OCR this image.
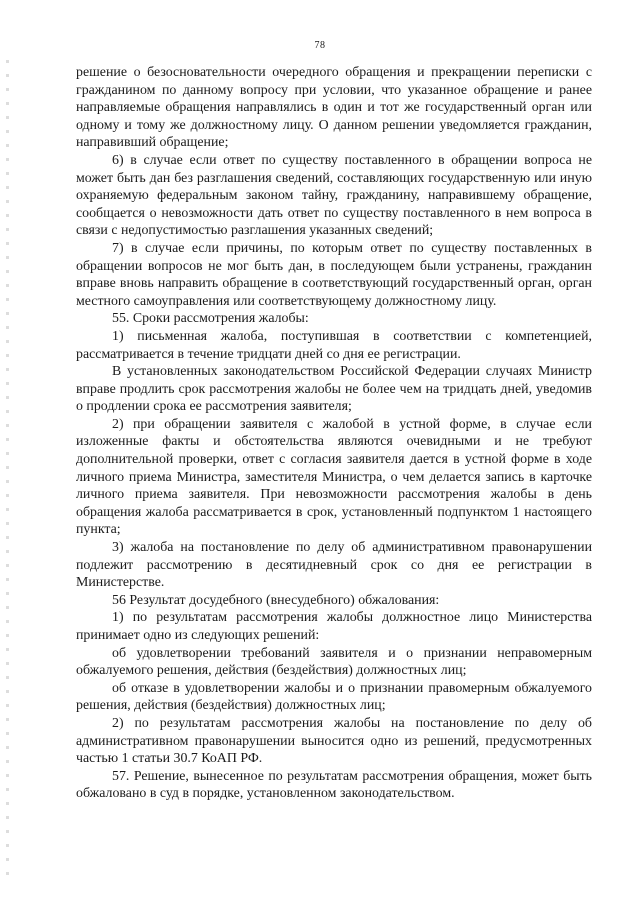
78

решение о безосновательности очередного обращения и прекращении переписки с гражданином по данному вопросу при условии, что указанное обращение и ранее направляемые обращения направлялись в один и тот же государственный орган или одному и тому же должностному лицу. О данном решении уведомляется гражданин, направивший обращение;

6) в случае если ответ по существу поставленного в обращении вопроса не может быть дан без разглашения сведений, составляющих государственную или иную охраняемую федеральным законом тайну, гражданину, направившему обращение, сообщается о невозможности дать ответ по существу поставленного в нем вопроса в связи с недопустимостью разглашения указанных сведений;

7) в случае если причины, по которым ответ по существу поставленных в обращении вопросов не мог быть дан, в последующем были устранены, гражданин вправе вновь направить обращение в соответствующий государственный орган, орган местного самоуправления или соответствующему должностному лицу.

55. Сроки рассмотрения жалобы:

1) письменная жалоба, поступившая в соответствии с компетенцией, рассматривается в течение тридцати дней со дня ее регистрации.

В установленных законодательством Российской Федерации случаях Министр вправе продлить срок рассмотрения жалобы не более чем на тридцать дней, уведомив о продлении срока ее рассмотрения заявителя;

2) при обращении заявителя с жалобой в устной форме, в случае если изложенные факты и обстоятельства являются очевидными и не требуют дополнительной проверки, ответ с согласия заявителя дается в устной форме в ходе личного приема Министра, заместителя Министра, о чем делается запись в карточке личного приема заявителя. При невозможности рассмотрения жалобы в день обращения жалоба рассматривается в срок, установленный подпунктом 1 настоящего пункта;

3) жалоба на постановление по делу об административном правонарушении подлежит рассмотрению в десятидневный срок со дня ее регистрации в Министерстве.

56 Результат досудебного (внесудебного) обжалования:

1) по результатам рассмотрения жалобы должностное лицо Министерства принимает одно из следующих решений:

об удовлетворении требований заявителя и о признании неправомерным обжалуемого решения, действия (бездействия) должностных лиц;

об отказе в удовлетворении жалобы и о признании правомерным обжалуемого решения, действия (бездействия) должностных лиц;

2) по результатам рассмотрения жалобы на постановление по делу об административном правонарушении выносится одно из решений, предусмотренных частью 1 статьи 30.7 КоАП РФ.

57. Решение, вынесенное по результатам рассмотрения обращения, может быть обжаловано в суд в порядке, установленном законодательством.
